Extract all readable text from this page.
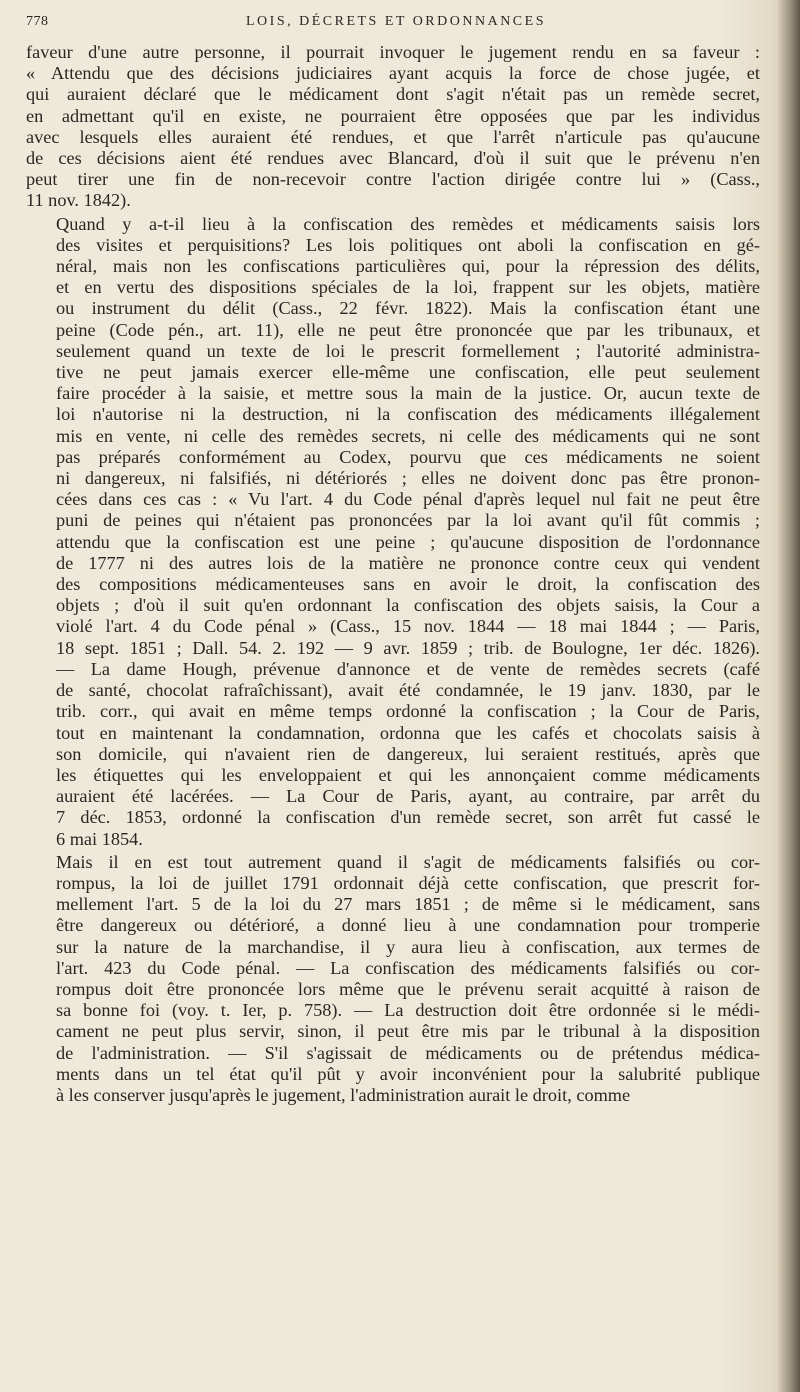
778	LOIS, DÉCRETS ET ORDONNANCES

faveur d'une autre personne, il pourrait invoquer le jugement rendu en sa faveur :
« Attendu que des décisions judiciaires ayant acquis la force de chose jugée, et
qui auraient déclaré que le médicament dont s'agit n'était pas un remède secret,
en admettant qu'il en existe, ne pourraient être opposées que par les individus
avec lesquels elles auraient été rendues, et que l'arrêt n'articule pas qu'aucune
de ces décisions aient été rendues avec Blancard, d'où il suit que le prévenu n'en
peut tirer une fin de non-recevoir contre l'action dirigée contre lui » (Cass.,
11 nov. 1842).

Quand y a-t-il lieu à la confiscation des remèdes et médicaments saisis lors
des visites et perquisitions? Les lois politiques ont aboli la confiscation en gé-
néral, mais non les confiscations particulières qui, pour la répression des délits,
et en vertu des dispositions spéciales de la loi, frappent sur les objets, matière
ou instrument du délit (Cass., 22 févr. 1822). Mais la confiscation étant une
peine (Code pén., art. 11), elle ne peut être prononcée que par les tribunaux, et
seulement quand un texte de loi le prescrit formellement ; l'autorité administra-
tive ne peut jamais exercer elle-même une confiscation, elle peut seulement
faire procéder à la saisie, et mettre sous la main de la justice. Or, aucun texte de
loi n'autorise ni la destruction, ni la confiscation des médicaments illégalement
mis en vente, ni celle des remèdes secrets, ni celle des médicaments qui ne sont
pas préparés conformément au Codex, pourvu que ces médicaments ne soient
ni dangereux, ni falsifiés, ni détériorés ; elles ne doivent donc pas être pronon-
cées dans ces cas : « Vu l'art. 4 du Code pénal d'après lequel nul fait ne peut être
puni de peines qui n'étaient pas prononcées par la loi avant qu'il fût commis ;
attendu que la confiscation est une peine ; qu'aucune disposition de l'ordonnance
de 1777 ni des autres lois de la matière ne prononce contre ceux qui vendent
des compositions médicamenteuses sans en avoir le droit, la confiscation des
objets ; d'où il suit qu'en ordonnant la confiscation des objets saisis, la Cour a
violé l'art. 4 du Code pénal » (Cass., 15 nov. 1844 — 18 mai 1844 ; — Paris,
18 sept. 1851 ; Dall. 54. 2. 192 — 9 avr. 1859 ; trib. de Boulogne, 1er déc. 1826).
— La dame Hough, prévenue d'annonce et de vente de remèdes secrets (café
de santé, chocolat rafraîchissant), avait été condamnée, le 19 janv. 1830, par le
trib. corr., qui avait en même temps ordonné la confiscation ; la Cour de Paris,
tout en maintenant la condamnation, ordonna que les cafés et chocolats saisis à
son domicile, qui n'avaient rien de dangereux, lui seraient restitués, après que
les étiquettes qui les enveloppaient et qui les annonçaient comme médicaments
auraient été lacérées. — La Cour de Paris, ayant, au contraire, par arrêt du
7 déc. 1853, ordonné la confiscation d'un remède secret, son arrêt fut cassé le
6 mai 1854.

Mais il en est tout autrement quand il s'agit de médicaments falsifiés ou cor-
rompus, la loi de juillet 1791 ordonnait déjà cette confiscation, que prescrit for-
mellement l'art. 5 de la loi du 27 mars 1851 ; de même si le médicament, sans
être dangereux ou détérioré, a donné lieu à une condamnation pour tromperie
sur la nature de la marchandise, il y aura lieu à confiscation, aux termes de
l'art. 423 du Code pénal. — La confiscation des médicaments falsifiés ou cor-
rompus doit être prononcée lors même que le prévenu serait acquitté à raison de
sa bonne foi (voy. t. Ier, p. 758). — La destruction doit être ordonnée si le médi-
cament ne peut plus servir, sinon, il peut être mis par le tribunal à la disposition
de l'administration. — S'il s'agissait de médicaments ou de prétendus médica-
ments dans un tel état qu'il pût y avoir inconvénient pour la salubrité publique
à les conserver jusqu'après le jugement, l'administration aurait le droit, comme
